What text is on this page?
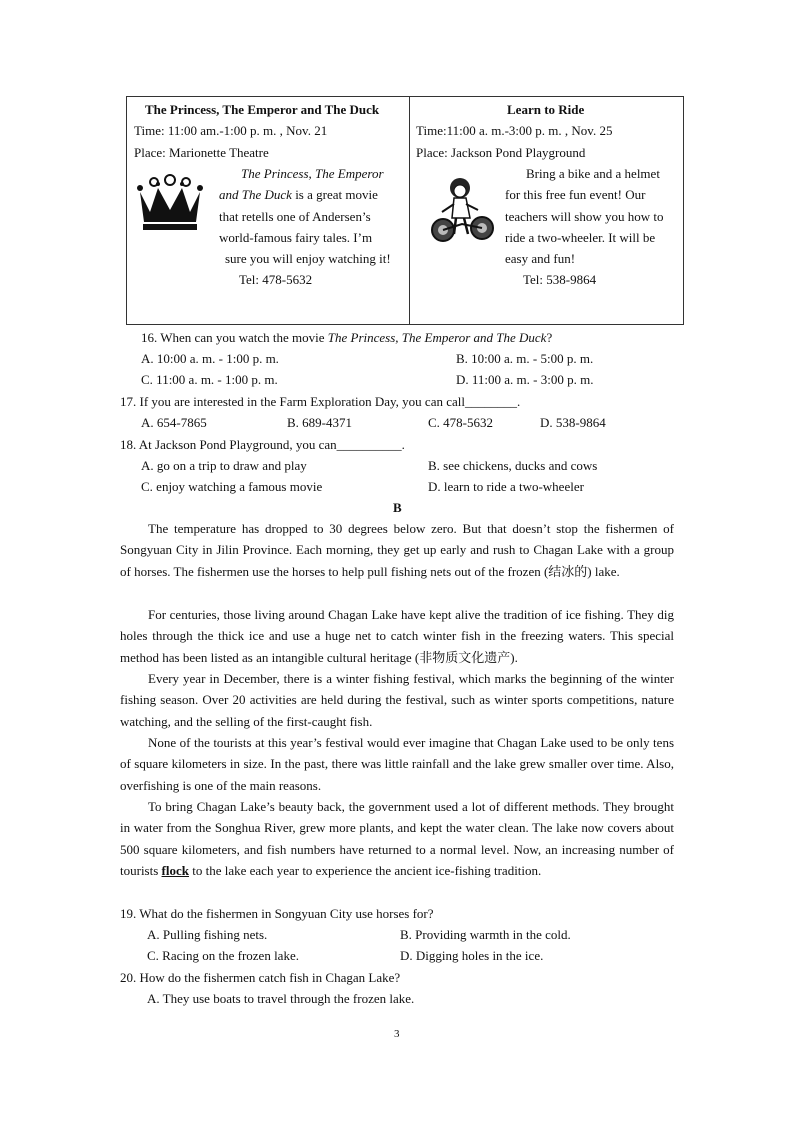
The Princess, The Emperor and The Duck
Time: 11:00 am.-1:00 p. m. , Nov. 21
Place: Marionette Theatre
The Princess, The Emperor
and The Duck is a great movie
that retells one of Andersen’s
world-famous fairy tales. I’m
sure you will enjoy watching it!
Tel: 478-5632
Learn to Ride
Time:11:00 a. m.-3:00 p. m. , Nov. 25
Place: Jackson Pond Playground
Bring a bike and a helmet
for this free fun event! Our
teachers will show you how to
ride a two-wheeler. It will be
easy and fun!
Tel: 538-9864
16. When can you watch the movie The Princess, The Emperor and The Duck?
A. 10:00 a. m. - 1:00 p. m.	B. 10:00 a. m. - 5:00 p. m.
C. 11:00 a. m. - 1:00 p. m.	D. 11:00 a. m. - 3:00 p. m.
17. If you are interested in the Farm Exploration Day, you can call________.
A. 654-7865	B. 689-4371	C. 478-5632	D. 538-9864
18. At Jackson Pond Playground, you can__________.
A. go on a trip to draw and play	B. see chickens, ducks and cows
C. enjoy watching a famous movie	D. learn to ride a two-wheeler
B
The temperature has dropped to 30 degrees below zero. But that doesn’t stop the fishermen of Songyuan City in Jilin Province. Each morning, they get up early and rush to Chagan Lake with a group of horses. The fishermen use the horses to help pull fishing nets out of the frozen (结冰的) lake.
For centuries, those living around Chagan Lake have kept alive the tradition of ice fishing. They dig holes through the thick ice and use a huge net to catch winter fish in the freezing waters. This special method has been listed as an intangible cultural heritage (非物质文化遗产).
Every year in December, there is a winter fishing festival, which marks the beginning of the winter fishing season. Over 20 activities are held during the festival, such as winter sports competitions, nature watching, and the selling of the first-caught fish.
None of the tourists at this year’s festival would ever imagine that Chagan Lake used to be only tens of square kilometers in size. In the past, there was little rainfall and the lake grew smaller over time. Also, overfishing is one of the main reasons.
To bring Chagan Lake’s beauty back, the government used a lot of different methods. They brought in water from the Songhua River, grew more plants, and kept the water clean. The lake now covers about 500 square kilometers, and fish numbers have returned to a normal level. Now, an increasing number of tourists flock to the lake each year to experience the ancient ice-fishing tradition.
19. What do the fishermen in Songyuan City use horses for?
A. Pulling fishing nets.	B. Providing warmth in the cold.
C. Racing on the frozen lake.	D. Digging holes in the ice.
20. How do the fishermen catch fish in Chagan Lake?
A. They use boats to travel through the frozen lake.
3
